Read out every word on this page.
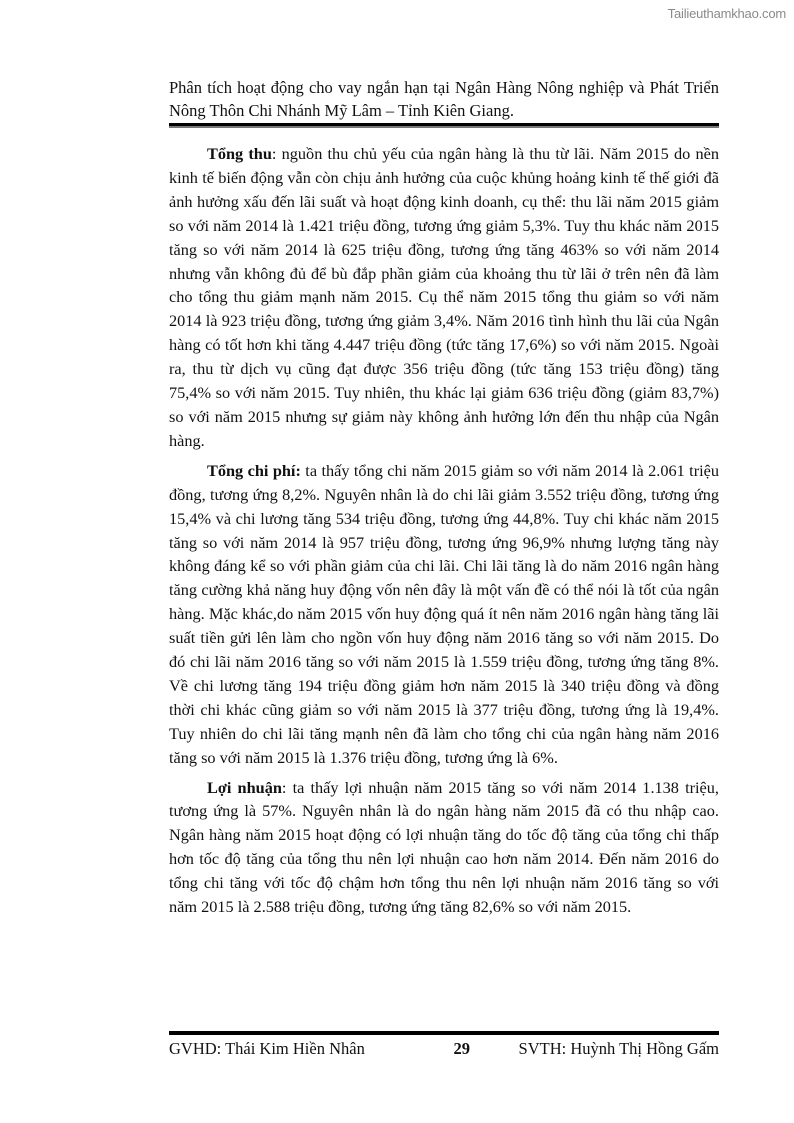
Tailieuthamkhao.com
Phân tích hoạt động cho vay ngắn hạn tại Ngân Hàng Nông nghiệp và Phát Triển Nông Thôn Chi Nhánh Mỹ Lâm – Tỉnh Kiên Giang.

Tổng thu: nguồn thu chủ yếu của ngân hàng là thu từ lãi. Năm 2015 do nền kinh tế biến động vẫn còn chịu ảnh hưởng của cuộc khủng hoảng kinh tế thế giới đã ảnh hưởng xấu đến lãi suất và hoạt động kinh doanh, cụ thể: thu lãi năm 2015 giảm so với năm 2014 là 1.421 triệu đồng, tương ứng giảm 5,3%. Tuy thu khác năm 2015 tăng so với năm 2014 là 625 triệu đồng, tương ứng tăng 463% so với năm 2014 nhưng vẫn không đủ để bù đắp phần giảm của khoảng thu từ lãi ở trên nên đã làm cho tổng thu giảm mạnh năm 2015. Cụ thể năm 2015 tổng thu giảm so với năm 2014 là 923 triệu đồng, tương ứng giảm 3,4%. Năm 2016 tình hình thu lãi của Ngân hàng có tốt hơn khi tăng 4.447 triệu đồng (tức tăng 17,6%) so với năm 2015. Ngoài ra, thu từ dịch vụ cũng đạt được 356 triệu đồng (tức tăng 153 triệu đồng) tăng 75,4% so với năm 2015. Tuy nhiên, thu khác lại giảm 636 triệu đồng (giảm 83,7%) so với năm 2015 nhưng sự giảm này không ảnh hưởng lớn đến thu nhập của Ngân hàng.

Tổng chi phí: ta thấy tổng chi năm 2015 giảm so với năm 2014 là 2.061 triệu đồng, tương ứng 8,2%. Nguyên nhân là do chi lãi giảm 3.552 triệu đồng, tương ứng 15,4% và chi lương tăng 534 triệu đồng, tương ứng 44,8%. Tuy chi khác năm 2015 tăng so với năm 2014 là 957 triệu đồng, tương ứng 96,9% nhưng lượng tăng này không đáng kể so với phần giảm của chi lãi. Chi lãi tăng là do năm 2016 ngân hàng tăng cường khả năng huy động vốn nên đây là một vấn đề có thể nói là tốt của ngân hàng. Mặc khác,do năm 2015 vốn huy động quá ít nên năm 2016 ngân hàng tăng lãi suất tiền gửi lên làm cho ngồn vốn huy động năm 2016 tăng so với năm 2015. Do đó chi lãi năm 2016 tăng so với năm 2015 là 1.559 triệu đồng, tương ứng tăng 8%. Về chi lương tăng 194 triệu đồng giảm hơn năm 2015 là 340 triệu đồng và đồng thời chi khác cũng giảm so với năm 2015 là 377 triệu đồng, tương ứng là 19,4%. Tuy nhiên do chi lãi tăng mạnh nên đã làm cho tổng chi của ngân hàng năm 2016 tăng so với năm 2015 là 1.376 triệu đồng, tương ứng là 6%.

Lợi nhuận: ta thấy lợi nhuận năm 2015 tăng so với năm 2014 1.138 triệu, tương ứng là 57%. Nguyên nhân là do ngân hàng năm 2015 đã có thu nhập cao. Ngân hàng năm 2015 hoạt động có lợi nhuận tăng do tốc độ tăng của tổng chi thấp hơn tốc độ tăng của tổng thu nên lợi nhuận cao hơn năm 2014. Đến năm 2016 do tổng chi tăng với tốc độ chậm hơn tổng thu nên lợi nhuận năm 2016 tăng so với năm 2015 là 2.588 triệu đồng, tương ứng tăng 82,6% so với năm 2015.

GVHD: Thái Kim Hiền Nhân	29	SVTH: Huỳnh Thị Hồng Gấm
